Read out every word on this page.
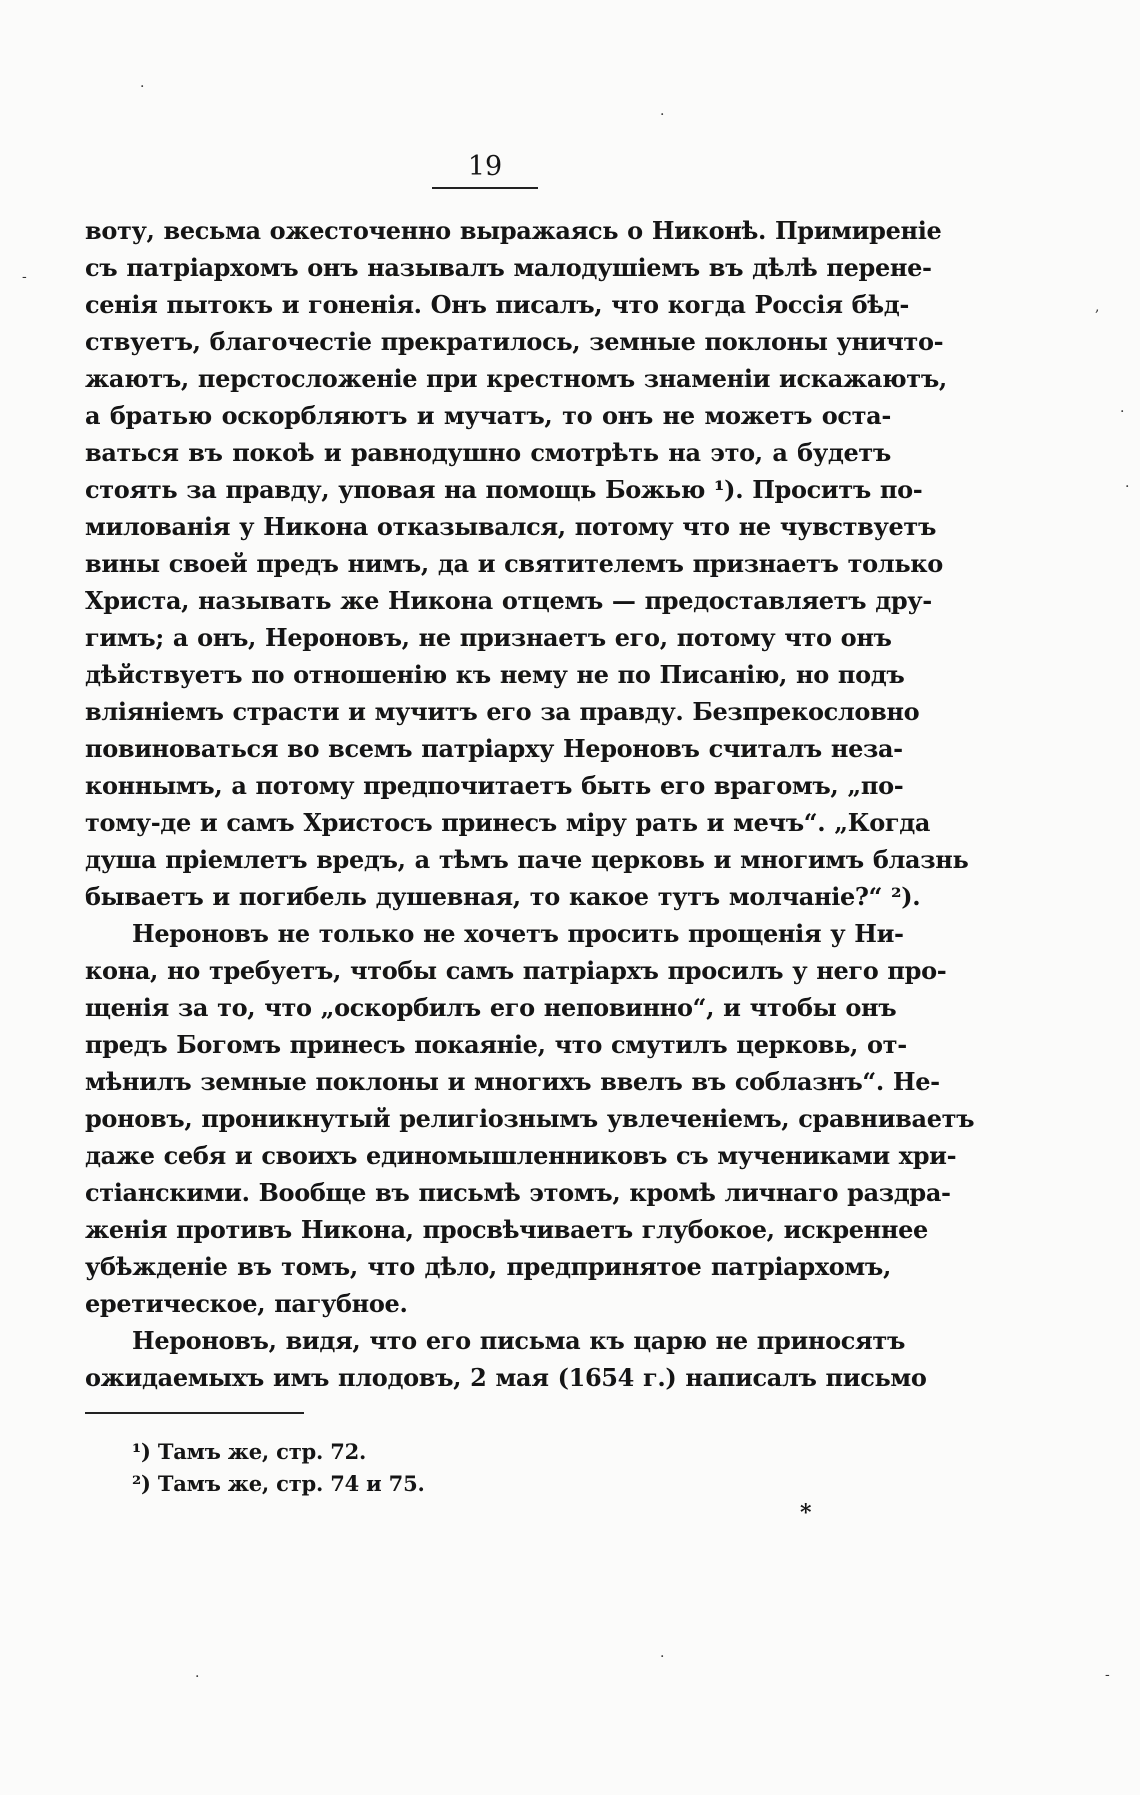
19
воту, весьма ожесточенно выражаясь о Никонѣ. Примиреніе
съ патріархомъ онъ называлъ малодушіемъ въ дѣлѣ перене-
сенія пытокъ и гоненія. Онъ писалъ, что когда Россія бѣд-
ствуетъ, благочестіе прекратилось, земные поклоны уничто-
жаютъ, перстосложеніе при крестномъ знаменіи искажаютъ,
а братью оскорбляютъ и мучатъ, то онъ не можетъ оста-
ваться въ покоѣ и равнодушно смотрѣть на это, а будетъ
стоять за правду, уповая на помощь Божью ¹). Проситъ по-
милованія у Никона отказывался, потому что не чувствуетъ
вины своей предъ нимъ, да и святителемъ признаетъ только
Христа, называть же Никона отцемъ — предоставляетъ дру-
гимъ; а онъ, Нероновъ, не признаетъ его, потому что онъ
дѣйствуетъ по отношенію къ нему не по Писанію, но подъ
вліяніемъ страсти и мучитъ его за правду. Безпрекословно
повиноваться во всемъ патріарху Нероновъ считалъ неза-
коннымъ, а потому предпочитаетъ быть его врагомъ, „по-
тому-де и самъ Христосъ принесъ міру рать и мечъ“. „Когда
душа пріемлетъ вредъ, а тѣмъ паче церковь и многимъ блазнь
бываетъ и погибель душевная, то какое тутъ молчаніе?“ ²).
Нероновъ не только не хочетъ просить прощенія у Ни-
кона, но требуетъ, чтобы самъ патріархъ просилъ у него про-
щенія за то, что „оскорбилъ его неповинно“, и чтобы онъ
предъ Богомъ принесъ покаяніе, что смутилъ церковь, от-
мѣнилъ земные поклоны и многихъ ввелъ въ соблазнъ“. Не-
роновъ, проникнутый религіознымъ увлеченіемъ, сравниваетъ
даже себя и своихъ единомышленниковъ съ мучениками хри-
стіанскими. Вообще въ письмѣ этомъ, кромѣ личнаго раздра-
женія противъ Никона, просвѣчиваетъ глубокое, искреннее
убѣжденіе въ томъ, что дѣло, предпринятое патріархомъ,
еретическое, пагубное.
Нероновъ, видя, что его письма къ царю не приносятъ
ожидаемыхъ имъ плодовъ, 2 мая (1654 г.) написалъ письмо
¹) Тамъ же, стр. 72.
²) Тамъ же, стр. 74 и 75.
*
·
·
-
,
·
·
·
·	-
